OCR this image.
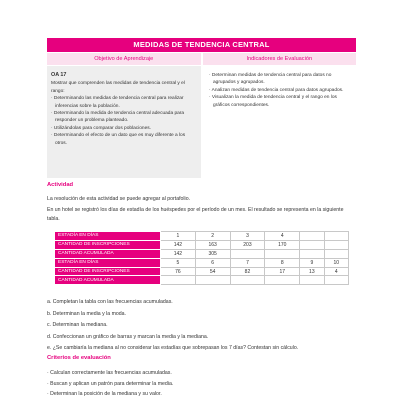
MEDIDAS DE TENDENCIA CENTRAL
Objetivo de Aprendizaje	Indicadores de Evaluación
OA 17
Mostrar que comprenden las medidas de tendencia central y el rango:
· Determinando las medidas de tendencia central para realizar inferencias sobre la población.
· Determinando la medida de tendencia central adecuada para responder un problema planteado.
· Utilizándolas para comparar dos poblaciones.
· Determinando el efecto de un dato que es muy diferente a los otros.
· Determinan medidas de tendencia central para datos no agrupados y agrupados.
· Analizan medidas de tendencia central para datos agrupados.
· Visualizan la medida de tendencia central y el rango en los gráficos correspondientes.
Actividad
La resolución de esta actividad se puede agregar al portafolio.
En un hotel se registró los días de estadía de los huéspedes por el período de un mes. El resultado se representa en la siguiente tabla.
ESTADÍA EN DÍAS	1	2	3	4		
CANTIDAD DE INSCRIPCIONES	142	163	203	170		
CANTIDAD ACUMULADA	142	305				
ESTADÍA EN DÍAS	5	6	7	8	9	10
CANTIDAD DE INSCRIPCIONES	76	54	82	17	13	4
CANTIDAD ACUMULADA						
a. Completan la tabla con las frecuencias acumuladas.
b. Determinan la media y la moda.
c. Determinan la mediana.
d. Confeccionan un gráfico de barras y marcan la media y la mediana.
e. ¿Se cambiaría la mediana al no considerar las estadías que sobrepasan los 7 días? Contestan sin cálculo.
Criterios de evaluación
· Calculan correctamente las frecuencias acumuladas.
· Buscan y aplican un patrón para determinar la media.
· Determinan la posición de la mediana y su valor.
